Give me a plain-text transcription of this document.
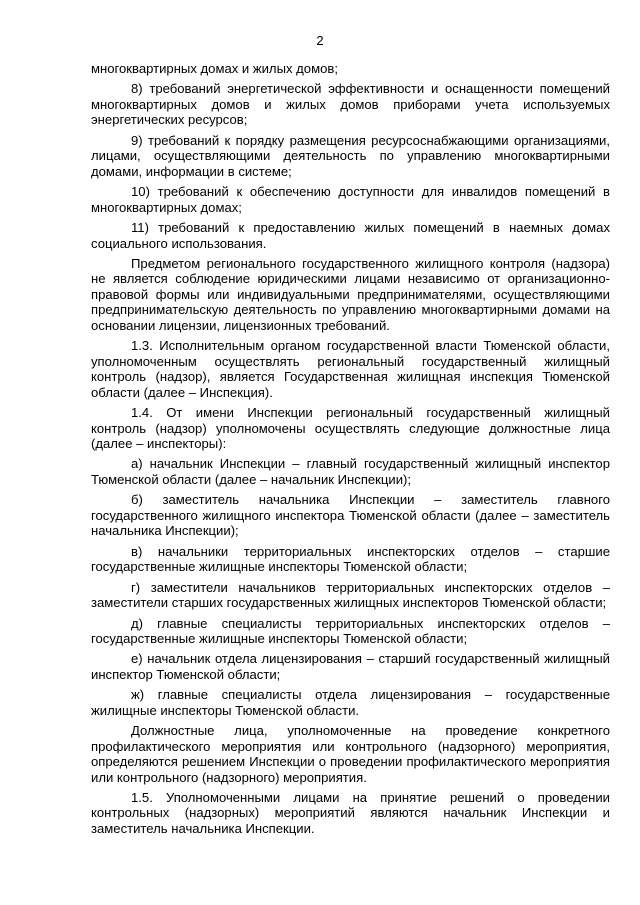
2

многоквартирных домах и жилых домов;

8) требований энергетической эффективности и оснащенности помещений многоквартирных домов и жилых домов приборами учета используемых энергетических ресурсов;

9) требований к порядку размещения ресурсоснабжающими организациями, лицами, осуществляющими деятельность по управлению многоквартирными домами, информации в системе;

10) требований к обеспечению доступности для инвалидов помещений в многоквартирных домах;

11) требований к предоставлению жилых помещений в наемных домах социального использования.

Предметом регионального государственного жилищного контроля (надзора) не является соблюдение юридическими лицами независимо от организационно-правовой формы или индивидуальными предпринимателями, осуществляющими предпринимательскую деятельность по управлению многоквартирными домами на основании лицензии, лицензионных требований.

1.3. Исполнительным органом государственной власти Тюменской области, уполномоченным осуществлять региональный государственный жилищный контроль (надзор), является Государственная жилищная инспекция Тюменской области (далее – Инспекция).

1.4. От имени Инспекции региональный государственный жилищный контроль (надзор) уполномочены осуществлять следующие должностные лица (далее – инспекторы):

а) начальник Инспекции – главный государственный жилищный инспектор Тюменской области (далее – начальник Инспекции);

б) заместитель начальника Инспекции – заместитель главного государственного жилищного инспектора Тюменской области (далее – заместитель начальника Инспекции);

в) начальники территориальных инспекторских отделов – старшие государственные жилищные инспекторы Тюменской области;

г) заместители начальников территориальных инспекторских отделов – заместители старших государственных жилищных инспекторов Тюменской области;

д) главные специалисты территориальных инспекторских отделов – государственные жилищные инспекторы Тюменской области;

е) начальник отдела лицензирования – старший государственный жилищный инспектор Тюменской области;

ж) главные специалисты отдела лицензирования – государственные жилищные инспекторы Тюменской области.

Должностные лица, уполномоченные на проведение конкретного профилактического мероприятия или контрольного (надзорного) мероприятия, определяются решением Инспекции о проведении профилактического мероприятия или контрольного (надзорного) мероприятия.

1.5. Уполномоченными лицами на принятие решений о проведении контрольных (надзорных) мероприятий являются начальник Инспекции и заместитель начальника Инспекции.
